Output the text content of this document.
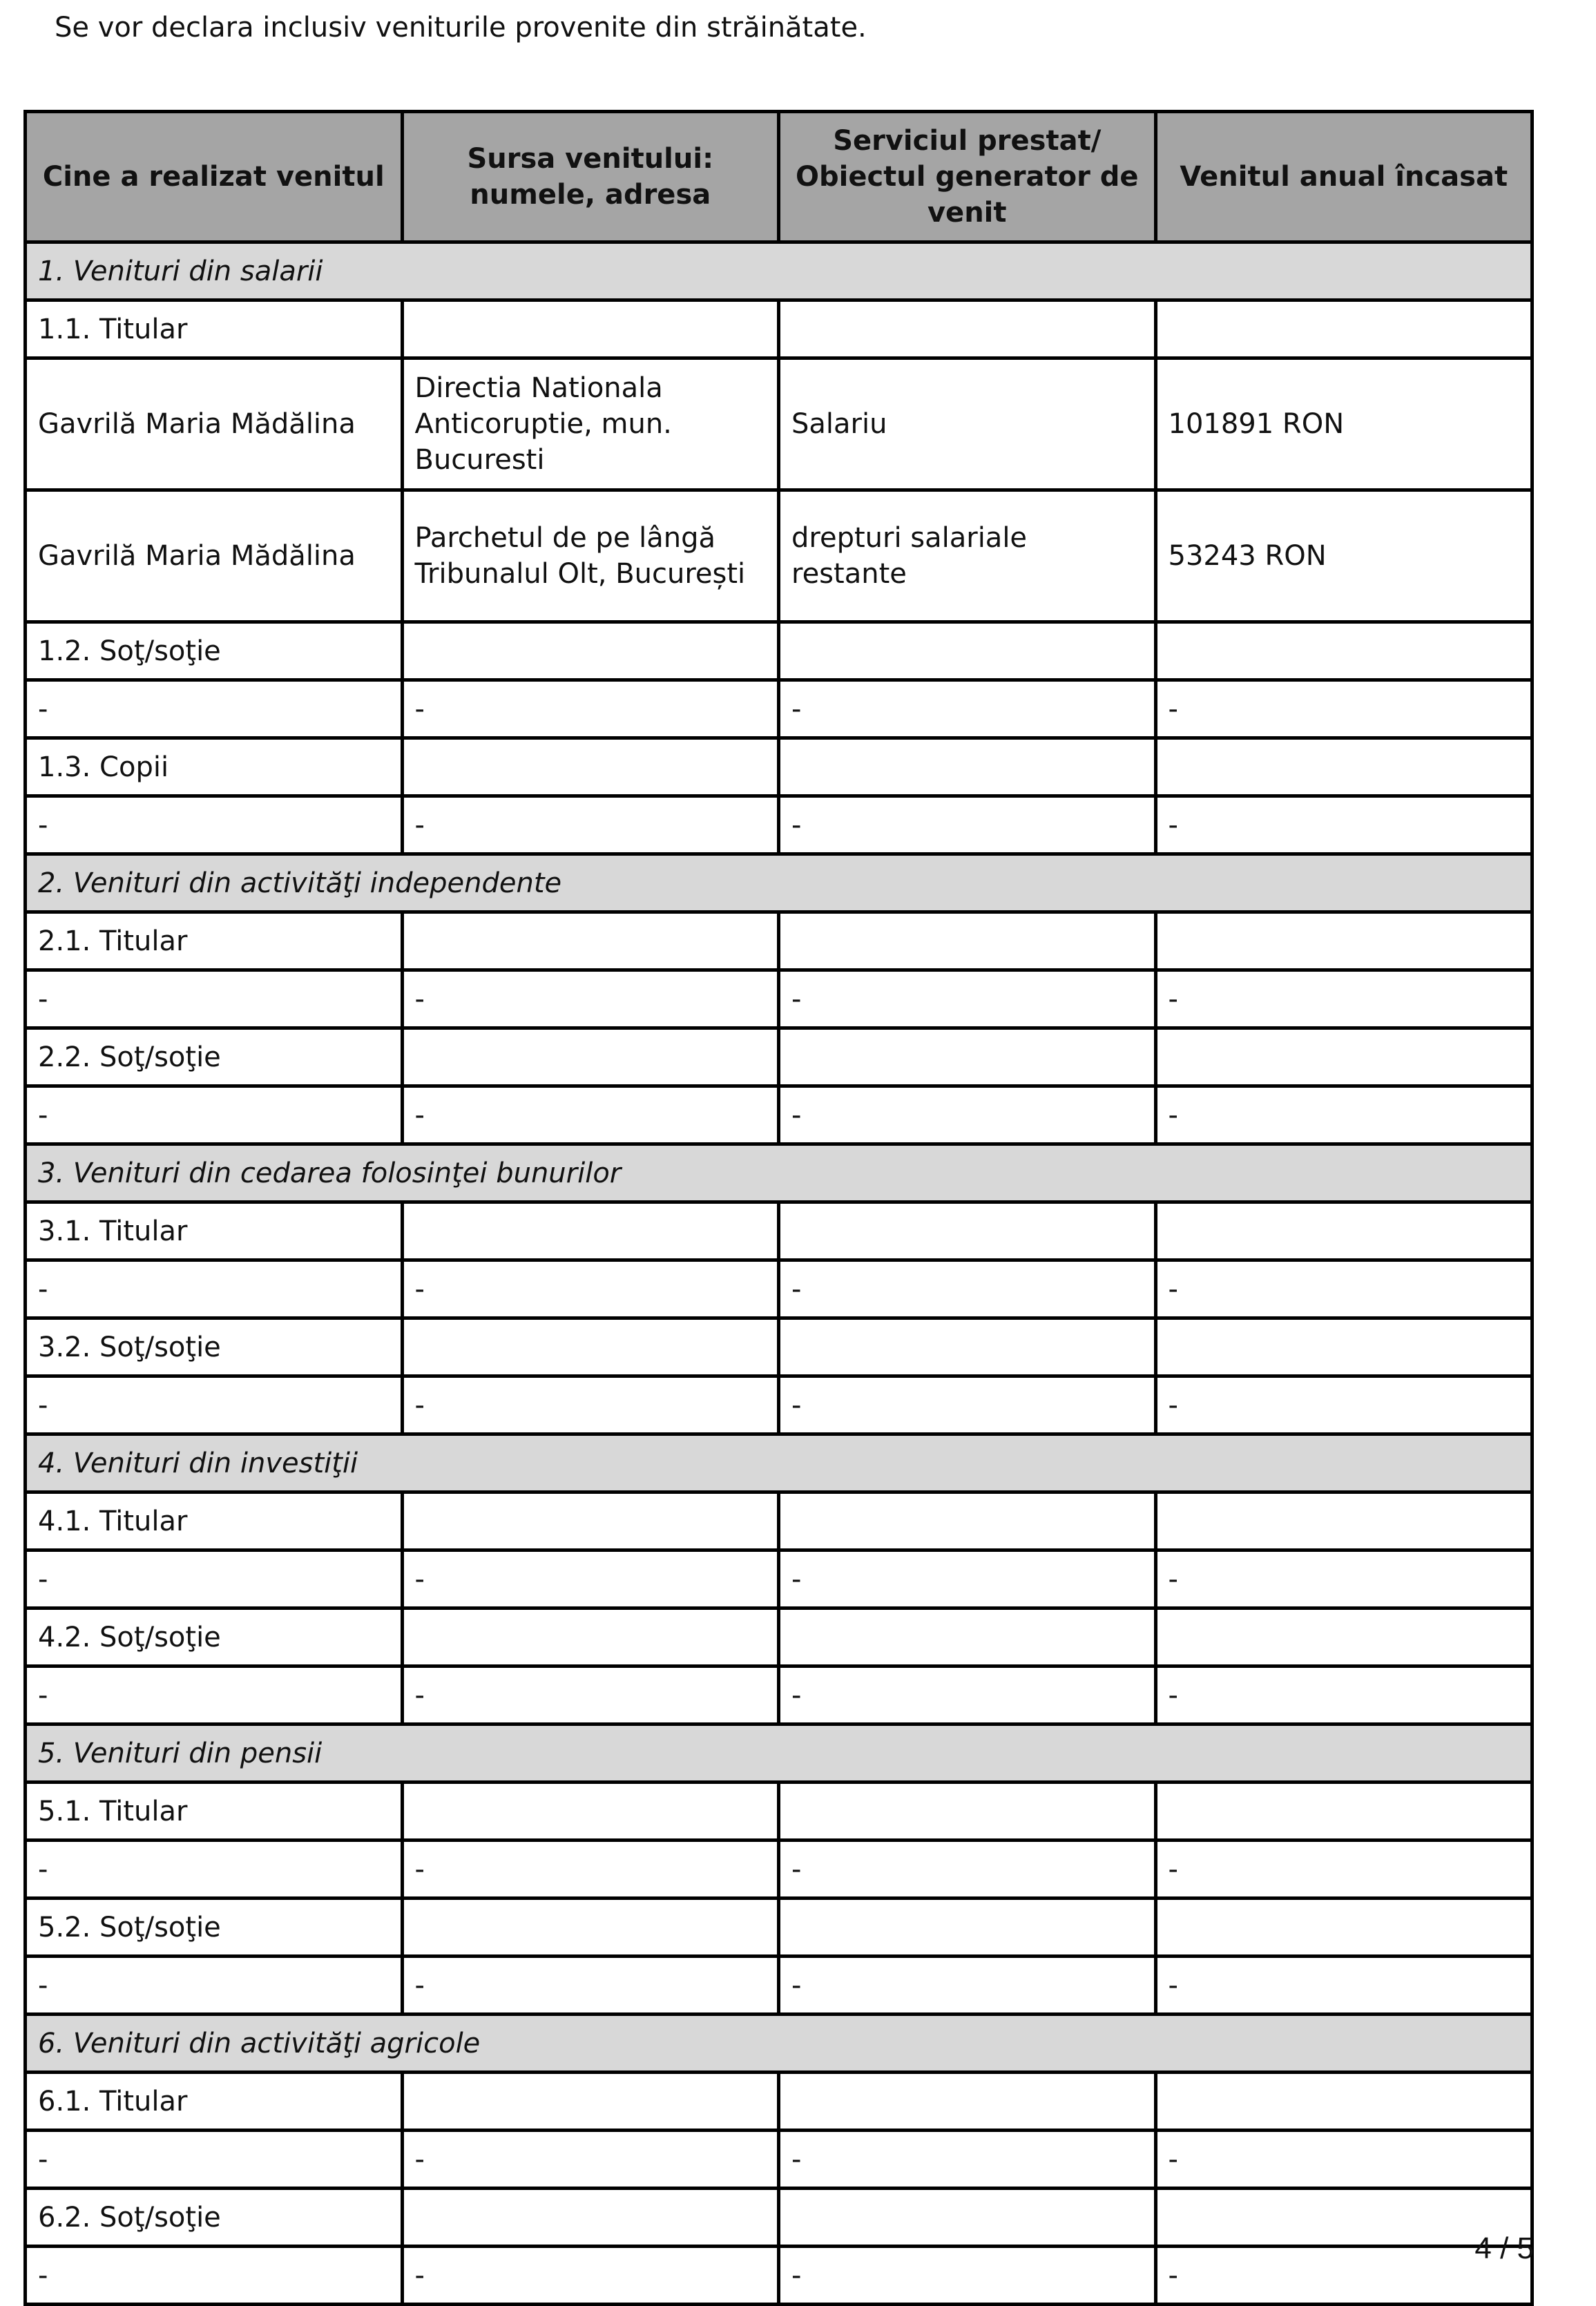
Se vor declara inclusiv veniturile provenite din străinătate.

Cine a realizat venitul	Sursa venitului: numele, adresa	Serviciul prestat/ Obiectul generator de venit	Venitul anual încasat
1. Venituri din salarii			
1.1. Titular			
Gavrilă Maria Mădălina	Directia Nationala Anticoruptie, mun. Bucuresti	Salariu	101891 RON
Gavrilă Maria Mădălina	Parchetul de pe lângă Tribunalul Olt, București	drepturi salariale restante	53243 RON
1.2. Soţ/soţie			
-	-	-	-
1.3. Copii			
-	-	-	-
2. Venituri din activităţi independente			
2.1. Titular			
-	-	-	-
2.2. Soţ/soţie			
-	-	-	-
3. Venituri din cedarea folosinţei bunurilor			
3.1. Titular			
-	-	-	-
3.2. Soţ/soţie			
-	-	-	-
4. Venituri din investiţii			
4.1. Titular			
-	-	-	-
4.2. Soţ/soţie			
-	-	-	-
5. Venituri din pensii			
5.1. Titular			
-	-	-	-
5.2. Soţ/soţie			
-	-	-	-
6. Venituri din activităţi agricole			
6.1. Titular			
-	-	-	-
6.2. Soţ/soţie			
-	-	-	-

4 / 5
